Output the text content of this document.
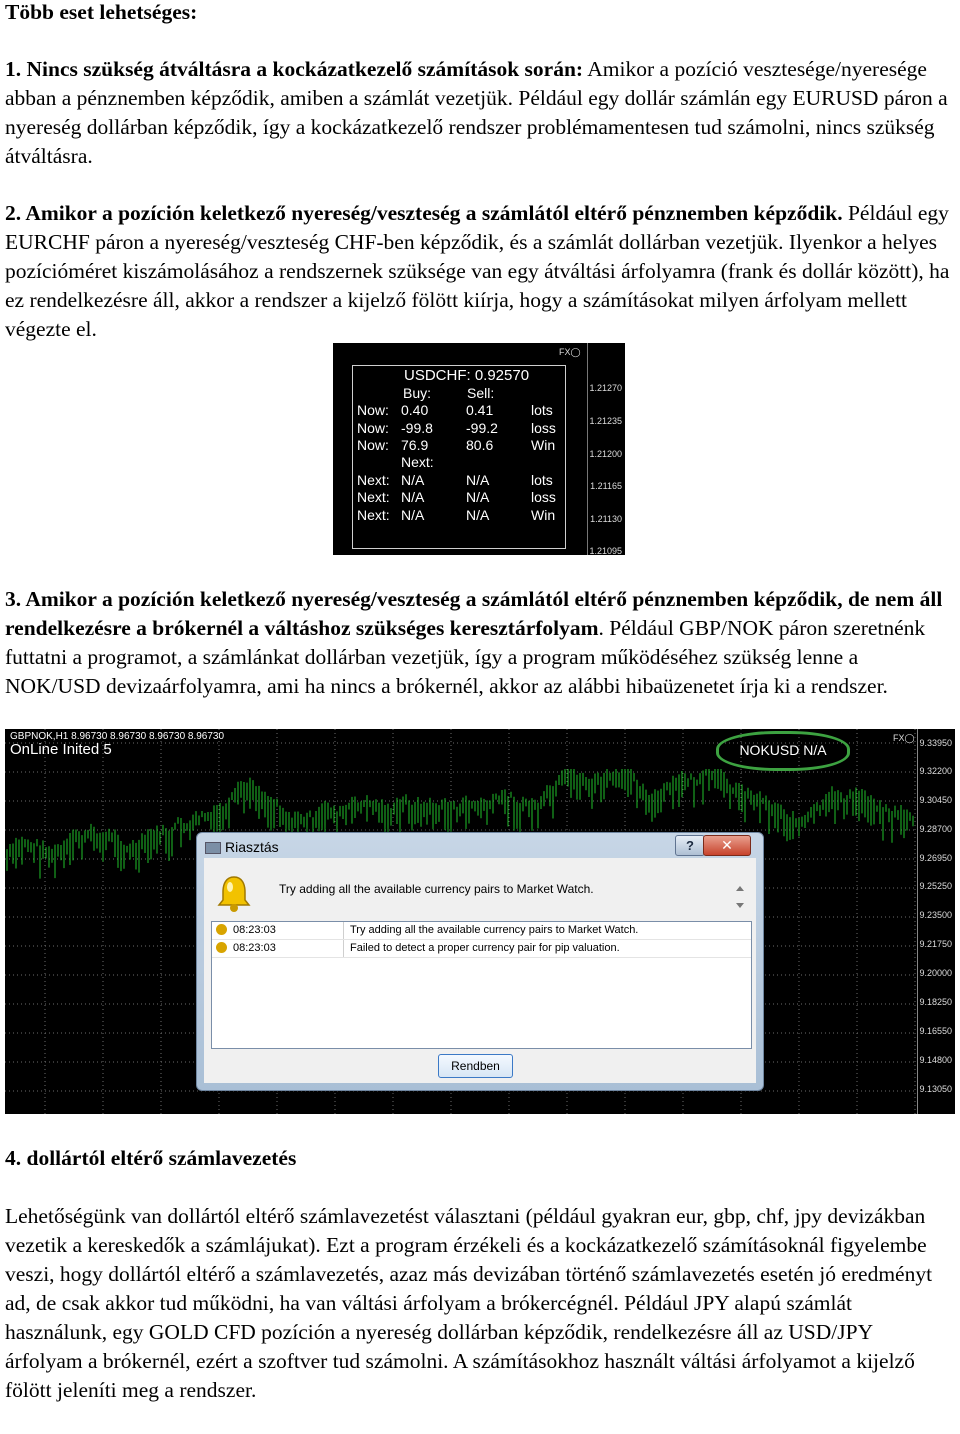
Több eset lehetséges:

1. Nincs szükség átváltásra a kockázatkezelő számítások során: Amikor a pozíció vesztesége/nyeresége abban a pénznemben képződik, amiben a számlát vezetjük. Például egy dollár számlán egy EURUSD páron a nyereség dollárban képződik, így a kockázatkezelő rendszer problémamentesen tud számolni, nincs szükség átváltásra.

2. Amikor a pozíción keletkező nyereség/veszteség a számlától eltérő pénznemben képződik. Például egy EURCHF páron a nyereség/veszteség CHF-ben képződik, és a számlát dollárban vezetjük. Ilyenkor a helyes pozícióméret kiszámolásához a rendszernek szüksége van egy átváltási árfolyamra (frank és dollár között), ha ez rendelkezésre áll, akkor a rendszer a kijelző fölött kiírja, hogy a számításokat milyen árfolyam mellett végezte el.

FX◯
1.21270
1.21235
1.21200
1.21165
1.21130
1.21095
USDCHF: 0.92570
Buy:	Sell:
Now: 0.40	0.41	lots
Now: -99.8 -99.2 loss
Now: 76.9	80.6	Win
Next:
Next: N/A	N/A	lots
Next: N/A	N/A	loss
Next: N/A	N/A	Win

3. Amikor a pozíción keletkező nyereség/veszteség a számlától eltérő pénznemben képződik, de nem áll rendelkezésre a brókernél a váltáshoz szükséges keresztárfolyam. Például GBP/NOK páron szeretnénk futtatni a programot, a számlánkat dollárban vezetjük, így a program működéséhez szükség lenne a NOK/USD devizaárfolyamra, ami ha nincs a brókernél, akkor az alábbi hibaüzenetet írja ki a rendszer.

GBPNOK,H1 8.96730 8.96730 8.96730 8.96730
OnLine Inited 5
FX◯
NOKUSD N/A	9.33950
9.32200
9.30450
9.28700
9.26950
9.25250
9.23500
9.21750
9.20000
9.18250
9.16550
9.14800
9.13050
Riasztás	?	✕
Try adding all the available currency pairs to Market Watch.
08:23:03	Try adding all the available currency pairs to Market Watch.
08:23:03	Failed to detect a proper currency pair for pip valuation.
Rendben

4. dollártól eltérő számlavezetés

Lehetőségünk van dollártól eltérő számlavezetést választani (például gyakran eur, gbp, chf, jpy devizákban vezetik a kereskedők a számlájukat). Ezt a program érzékeli és a kockázatkezelő számításoknál figyelembe veszi, hogy dollártól eltérő a számlavezetés, azaz más devizában történő számlavezetés esetén jó eredményt ad, de csak akkor tud működni, ha van váltási árfolyam a brókercégnél. Például JPY alapú számlát használunk, egy GOLD CFD pozíción a nyereség dollárban képződik, rendelkezésre áll az USD/JPY árfolyam a brókernél, ezért a szoftver tud számolni. A számításokhoz használt váltási árfolyamot a kijelző fölött jeleníti meg a rendszer.
